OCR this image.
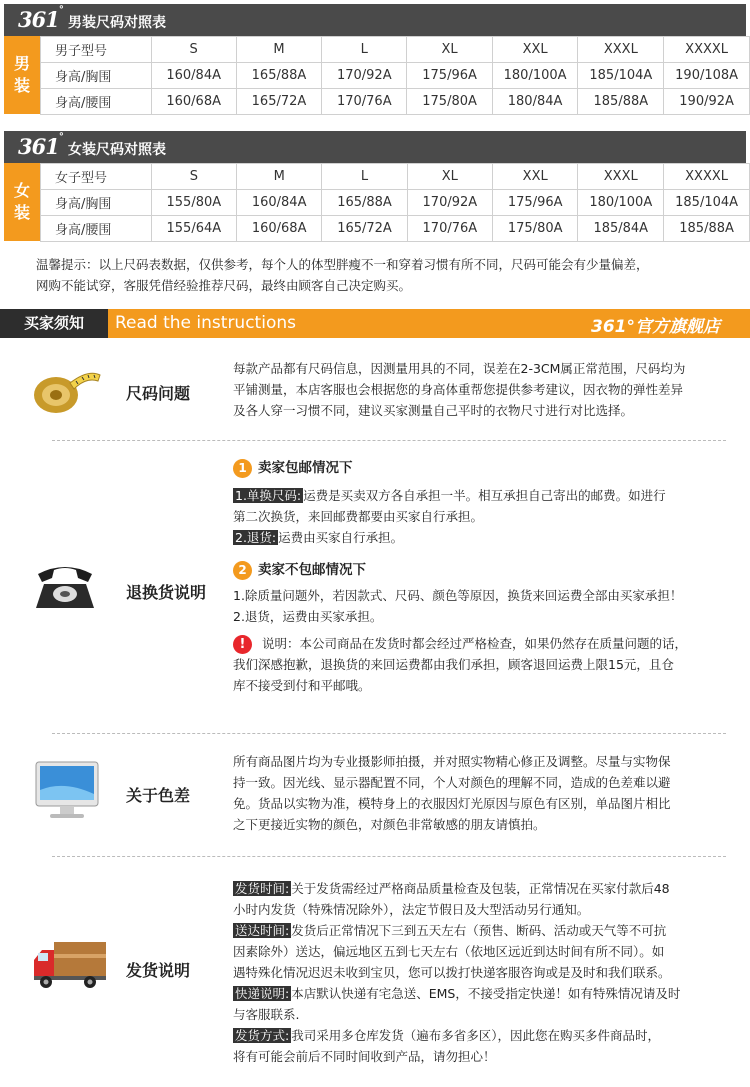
361°
男装尺码对照表
男
装
男子型号	S	M	L	XL	XXL	XXXL	XXXXL
身高/胸围	160/84A	165/88A	170/92A	175/96A	180/100A	185/104A	190/108A
身高/腰围	160/68A	165/72A	170/76A	175/80A	180/84A	185/88A	190/92A
361°
女装尺码对照表
女
装
女子型号	S	M	L	XL	XXL	XXXL	XXXXL
身高/胸围	155/80A	160/84A	165/88A	170/92A	175/96A	180/100A	185/104A
身高/腰围	155/64A	160/68A	165/72A	170/76A	175/80A	185/84A	185/88A
温馨提示：以上尺码表数据，仅供参考，每个人的体型胖瘦不一和穿着习惯有所不同，尺码可能会有少量偏差，
网购不能试穿，客服凭借经验推荐尺码，最终由顾客自己决定购买。
买家须知	Read the instructions	361°官方旗舰店
尺码问题
每款产品都有尺码信息，因测量用具的不同，误差在2-3CM属正常范围，尺码均为
平铺测量，本店客服也会根据您的身高体重帮您提供参考建议，因衣物的弹性差异
及各人穿一习惯不同，建议买家测量自己平时的衣物尺寸进行对比选择。
退换货说明
1 卖家包邮情况下
1.单换尺码: 运费是买卖双方各自承担一半。相互承担自己寄出的邮费。如进行
第二次换货，来回邮费都要由买家自行承担。
2.退货: 运费由买家自行承担。
2 卖家不包邮情况下
1.除质量问题外，若因款式、尺码、颜色等原因，换货来回运费全部由买家承担！
2.退货，运费由买家承担。
! 说明：本公司商品在发货时都会经过严格检查，如果仍然存在质量问题的话，
我们深感抱歉，退换货的来回运费都由我们承担，顾客退回运费上限15元，且仓
库不接受到付和平邮哦。
关于色差
所有商品图片均为专业摄影师拍摄，并对照实物精心修正及调整。尽量与实物保
持一致。因光线、显示器配置不同，个人对颜色的理解不同，造成的色差难以避
免。货品以实物为准，模特身上的衣服因灯光原因与原色有区别，单品图片相比
之下更接近实物的颜色，对颜色非常敏感的朋友请慎拍。
发货说明
发货时间: 关于发货需经过严格商品质量检查及包装，正常情况在买家付款后48
小时内发货（特殊情况除外），法定节假日及大型活动另行通知。
送达时间: 发货后正常情况下三到五天左右（预售、断码、活动或天气等不可抗
因素除外）送达，偏远地区五到七天左右（依地区远近到达时间有所不同）。如
遇特殊化情况迟迟未收到宝贝，您可以拨打快递客服咨询或是及时和我们联系。
快递说明: 本店默认快递有宅急送、EMS，不接受指定快递！如有特殊情况请及时
与客服联系.
发货方式: 我司采用多仓库发货（遍布多省多区），因此您在购买多件商品时，
将有可能会前后不同时间收到产品，请勿担心！
